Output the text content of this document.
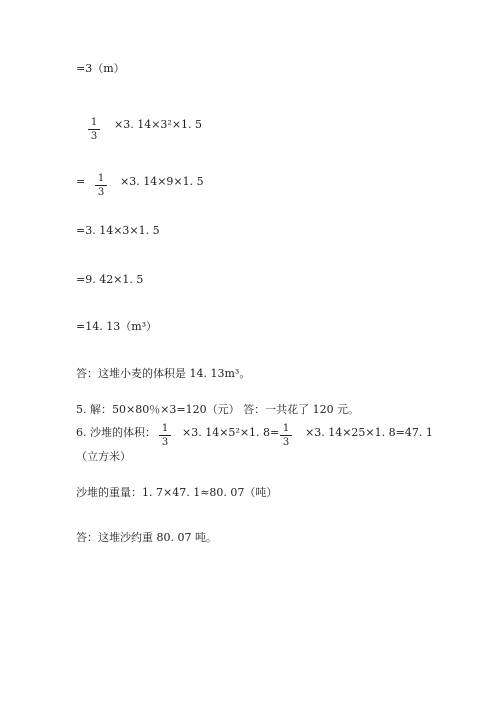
=3（m）
1
3
×3. 14×3²×1. 5
= 1
3
×3. 14×9×1. 5
=3. 14×3×1. 5
=9. 42×1. 5
=14. 13（m³）
答：这堆小麦的体积是 14. 13m³。
5. 解：50×80％×3=120（元） 答：一共花了 120 元。
6. 沙堆的体积： 1
3
×3. 14×5²×1. 8= 1
3
×3. 14×25×1. 8=47. 1
（立方米）
沙堆的重量：1. 7×47. 1≈80. 07（吨）
答：这堆沙约重 80. 07 吨。
